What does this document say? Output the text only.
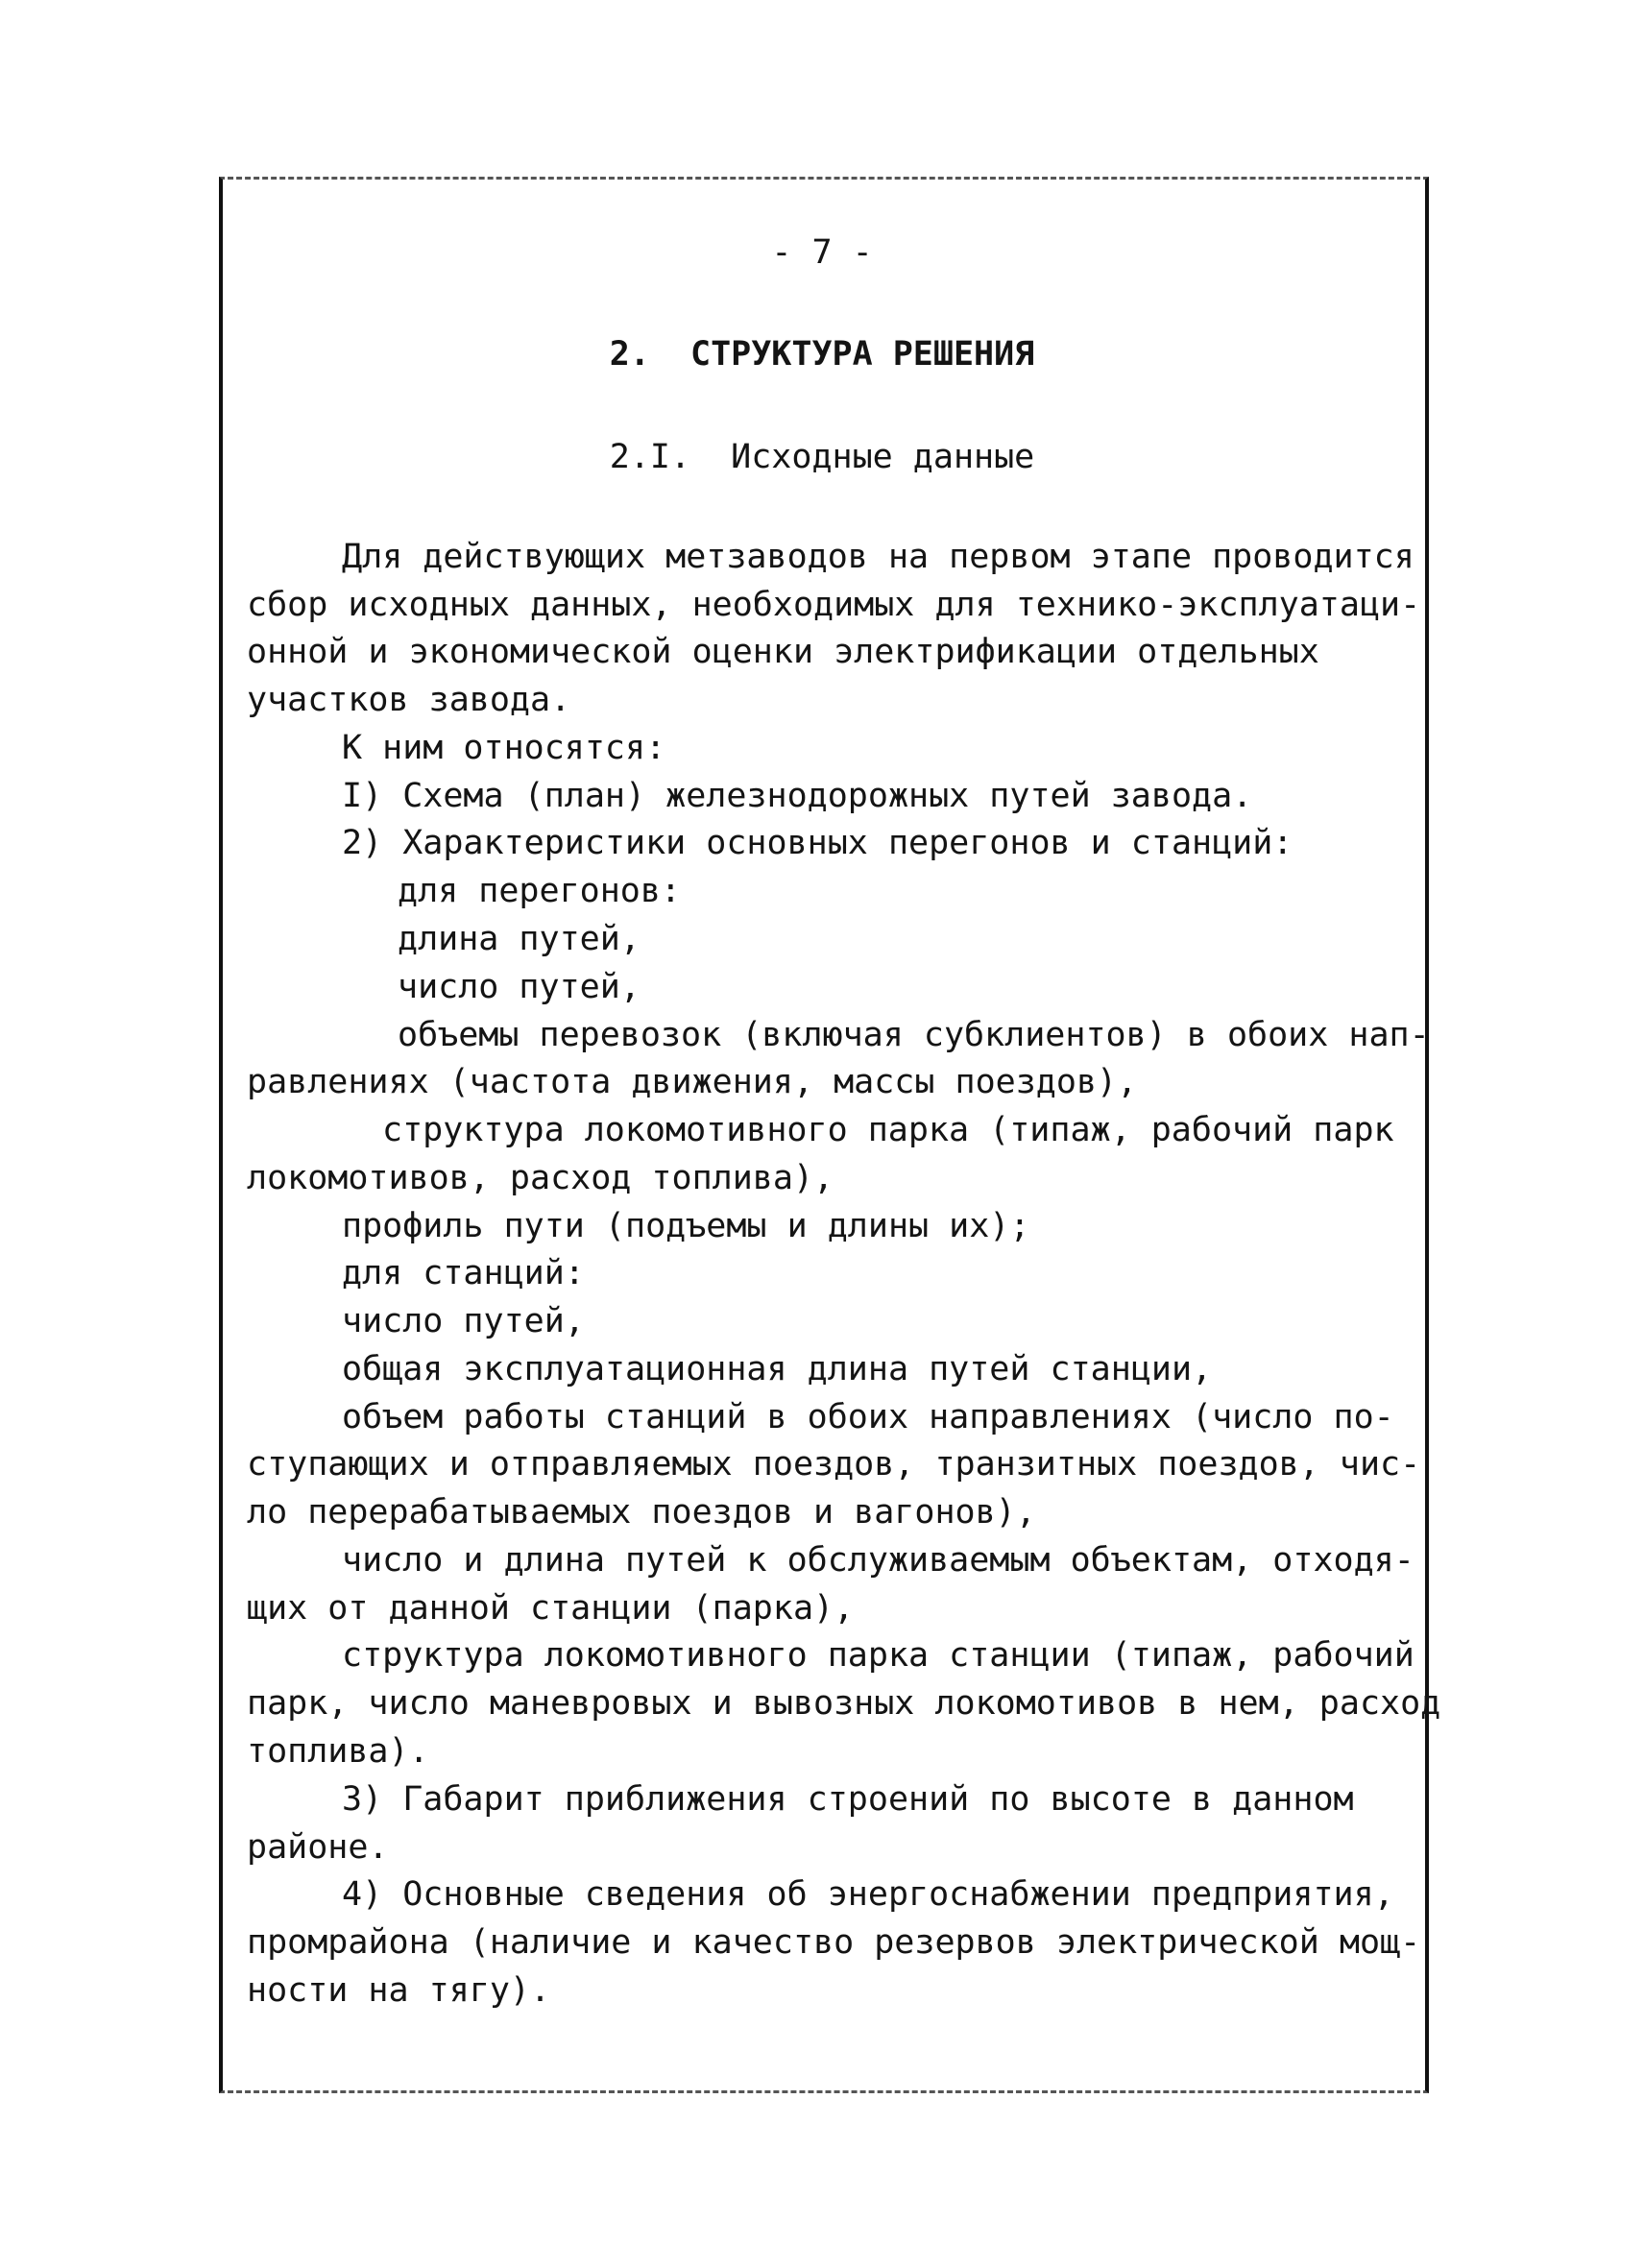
- 7 -
2.  СТРУКТУРА РЕШЕНИЯ
2.I.  Исходные данные
Для действующих метзаводов на первом этапе проводится
сбор исходных данных, необходимых для технико-эксплуатаци-
онной и экономической оценки электрификации отдельных
участков завода.
К ним относятся:
I) Схема (план) железнодорожных путей завода.
2) Характеристики основных перегонов и станций:
для перегонов:
длина путей,
число путей,
объемы перевозок (включая субклиентов) в обоих нап-
равлениях (частота движения, массы поездов),
структура локомотивного парка (типаж, рабочий парк
локомотивов, расход топлива),
профиль пути (подъемы и длины их);
для станций:
число путей,
общая эксплуатационная длина путей станции,
объем работы станций в обоих направлениях (число по-
ступающих и отправляемых поездов, транзитных поездов, чис-
ло перерабатываемых поездов и вагонов),
число и длина путей к обслуживаемым объектам, отходя-
щих от данной станции (парка),
структура локомотивного парка станции (типаж, рабочий
парк, число маневровых и вывозных локомотивов в нем, расход
топлива).
3) Габарит приближения строений по высоте в данном
районе.
4) Основные сведения об энергоснабжении предприятия,
промрайона (наличие и качество резервов электрической мощ-
ности на тягу).
